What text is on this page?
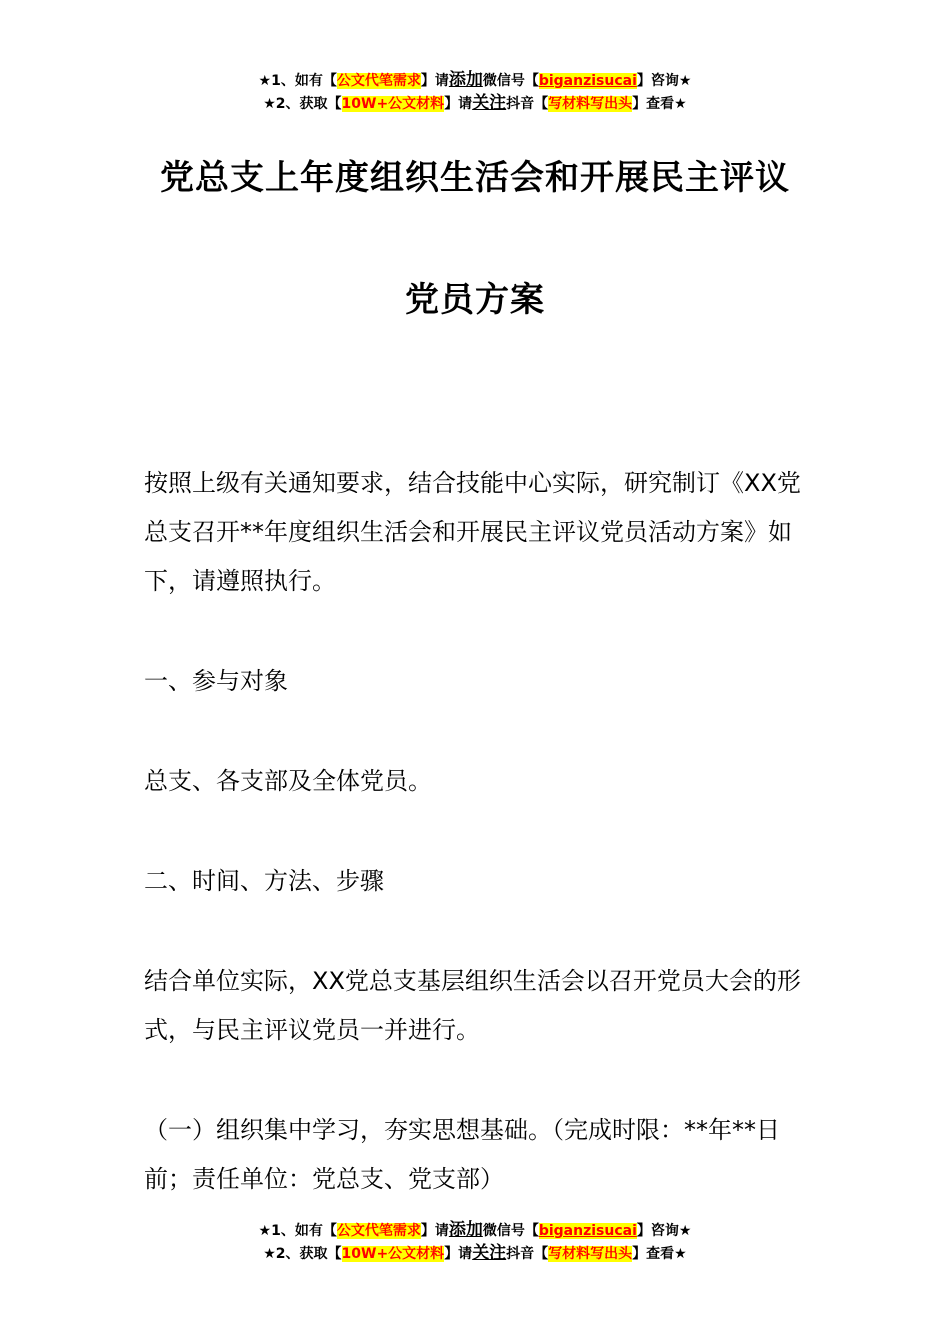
★1、如有【公文代笔需求】请添加微信号【biganzisucai】咨询★
★2、获取【10W+公文材料】请关注抖音【写材料写出头】查看★
党总支上年度组织生活会和开展民主评议
党员方案
按照上级有关通知要求，结合技能中心实际，研究制订《XX党总支召开**年度组织生活会和开展民主评议党员活动方案》如下，请遵照执行。
一、参与对象
总支、各支部及全体党员。
二、时间、方法、步骤
结合单位实际，XX党总支基层组织生活会以召开党员大会的形式，与民主评议党员一并进行。
（一）组织集中学习，夯实思想基础。（完成时限：**年**日前；责任单位：党总支、党支部）
★1、如有【公文代笔需求】请添加微信号【biganzisucai】咨询★
★2、获取【10W+公文材料】请关注抖音【写材料写出头】查看★
